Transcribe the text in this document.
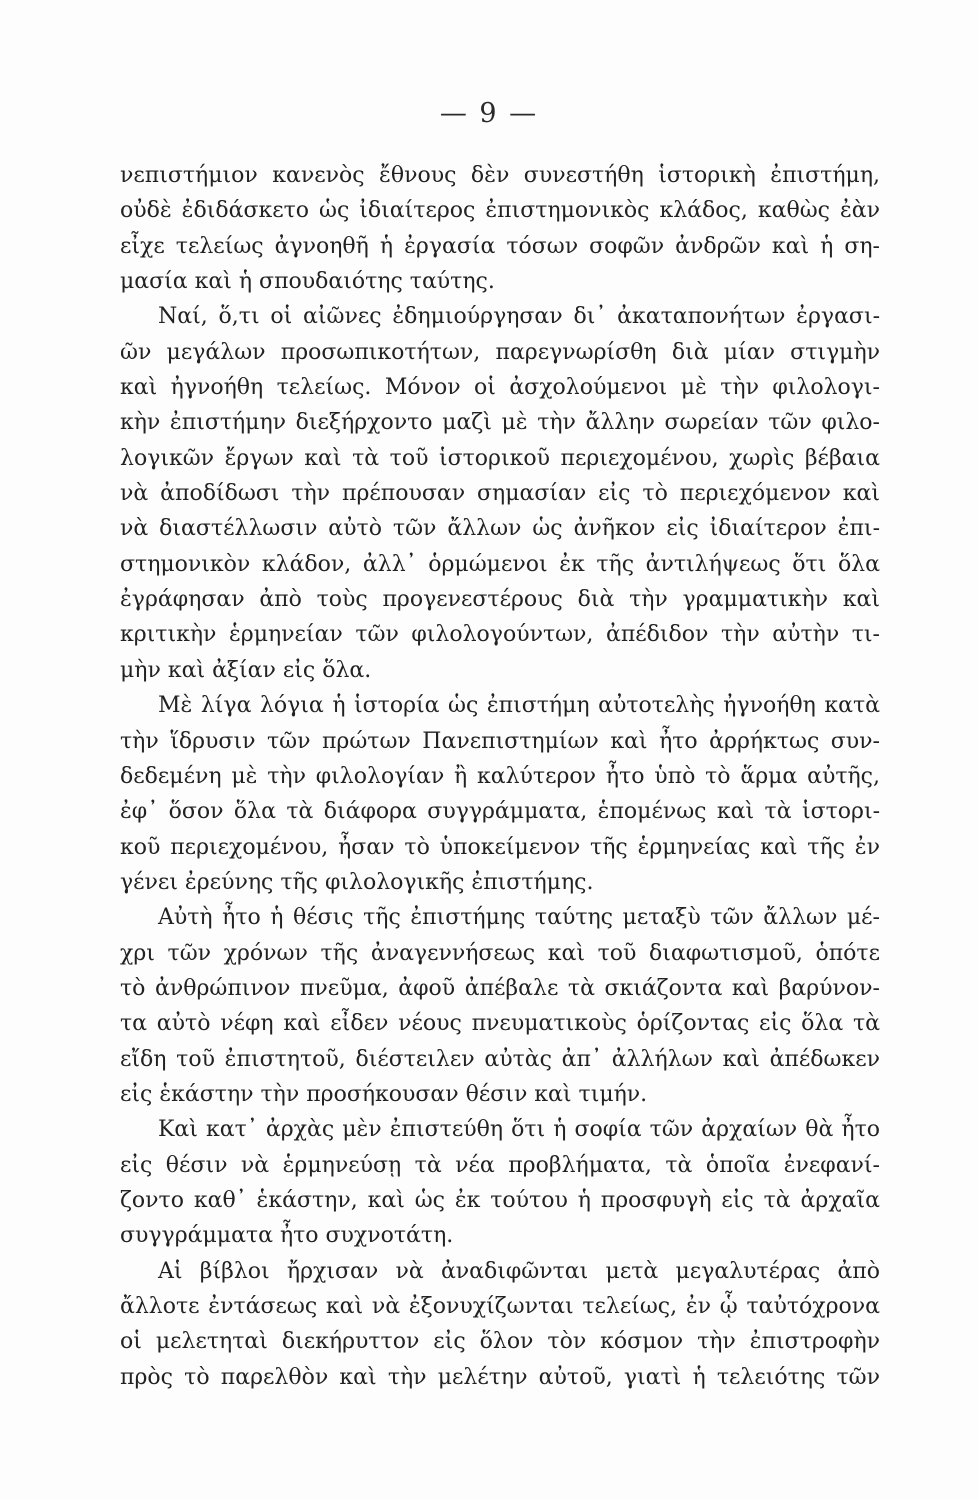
— 9 —
νεπιστήμιον κανενὸς ἔθνους δὲν συνεστήθη ἱστορικὴ ἐπιστήμη,
οὐδὲ ἐδιδάσκετο ὡς ἰδιαίτερος ἐπιστημονικὸς κλάδος, καθὼς ἐὰν
εἶχε τελείως ἀγνοηθῆ ἡ ἐργασία τόσων σοφῶν ἀνδρῶν καὶ ἡ ση-
μασία καὶ ἡ σπουδαιότης ταύτης.
Ναί, ὅ,τι οἱ αἰῶνες ἐδημιούργησαν δι᾿ ἀκαταπονήτων ἐργασι-
ῶν μεγάλων προσωπικοτήτων, παρεγνωρίσθη διὰ μίαν στιγμὴν
καὶ ἠγνοήθη τελείως. Μόνον οἱ ἀσχολούμενοι μὲ τὴν φιλολογι-
κὴν ἐπιστήμην διεξήρχοντο μαζὶ μὲ τὴν ἄλλην σωρείαν τῶν φιλο-
λογικῶν ἔργων καὶ τὰ τοῦ ἱστορικοῦ περιεχομένου, χωρὶς βέβαια
νὰ ἀποδίδωσι τὴν πρέπουσαν σημασίαν εἰς τὸ περιεχόμενον καὶ
νὰ διαστέλλωσιν αὐτὸ τῶν ἄλλων ὡς ἀνῆκον εἰς ἰδιαίτερον ἐπι-
στημονικὸν κλάδον, ἀλλ᾿ ὁρμώμενοι ἐκ τῆς ἀντιλήψεως ὅτι ὅλα
ἐγράφησαν ἀπὸ τοὺς προγενεστέρους διὰ τὴν γραμματικὴν καὶ
κριτικὴν ἑρμηνείαν τῶν φιλολογούντων, ἀπέδιδον τὴν αὐτὴν τι-
μὴν καὶ ἀξίαν εἰς ὅλα.
Μὲ λίγα λόγια ἡ ἱστορία ὡς ἐπιστήμη αὐτοτελὴς ἠγνοήθη κατὰ
τὴν ἵδρυσιν τῶν πρώτων Πανεπιστημίων καὶ ἦτο ἀρρήκτως συν-
δεδεμένη μὲ τὴν φιλολογίαν ἢ καλύτερον ἦτο ὑπὸ τὸ ἅρμα αὐτῆς,
ἐφ᾿ ὅσον ὅλα τὰ διάφορα συγγράμματα, ἑπομένως καὶ τὰ ἱστορι-
κοῦ περιεχομένου, ἦσαν τὸ ὑποκείμενον τῆς ἑρμηνείας καὶ τῆς ἐν
γένει ἐρεύνης τῆς φιλολογικῆς ἐπιστήμης.
Αὐτὴ ἦτο ἡ θέσις τῆς ἐπιστήμης ταύτης μεταξὺ τῶν ἄλλων μέ-
χρι τῶν χρόνων τῆς ἀναγεννήσεως καὶ τοῦ διαφωτισμοῦ, ὁπότε
τὸ ἀνθρώπινον πνεῦμα, ἀφοῦ ἀπέβαλε τὰ σκιάζοντα καὶ βαρύνον-
τα αὐτὸ νέφη καὶ εἶδεν νέους πνευματικοὺς ὁρίζοντας εἰς ὅλα τὰ
εἴδη τοῦ ἐπιστητοῦ, διέστειλεν αὐτὰς ἀπ᾿ ἀλλήλων καὶ ἀπέδωκεν
εἰς ἑκάστην τὴν προσήκουσαν θέσιν καὶ τιμήν.
Καὶ κατ᾿ ἀρχὰς μὲν ἐπιστεύθη ὅτι ἡ σοφία τῶν ἀρχαίων θὰ ἦτο
εἰς θέσιν νὰ ἑρμηνεύσῃ τὰ νέα προβλήματα, τὰ ὁποῖα ἐνεφανί-
ζοντο καθ᾿ ἑκάστην, καὶ ὡς ἐκ τούτου ἡ προσφυγὴ εἰς τὰ ἀρχαῖα
συγγράμματα ἦτο συχνοτάτη.
Αἱ βίβλοι ἤρχισαν νὰ ἀναδιφῶνται μετὰ μεγαλυτέρας ἀπὸ
ἄλλοτε ἐντάσεως καὶ νὰ ἐξονυχίζωνται τελείως, ἐν ᾧ ταὐτόχρονα
οἱ μελετηταὶ διεκήρυττον εἰς ὅλον τὸν κόσμον τὴν ἐπιστροφὴν
πρὸς τὸ παρελθὸν καὶ τὴν μελέτην αὐτοῦ, γιατὶ ἡ τελειότης τῶν
